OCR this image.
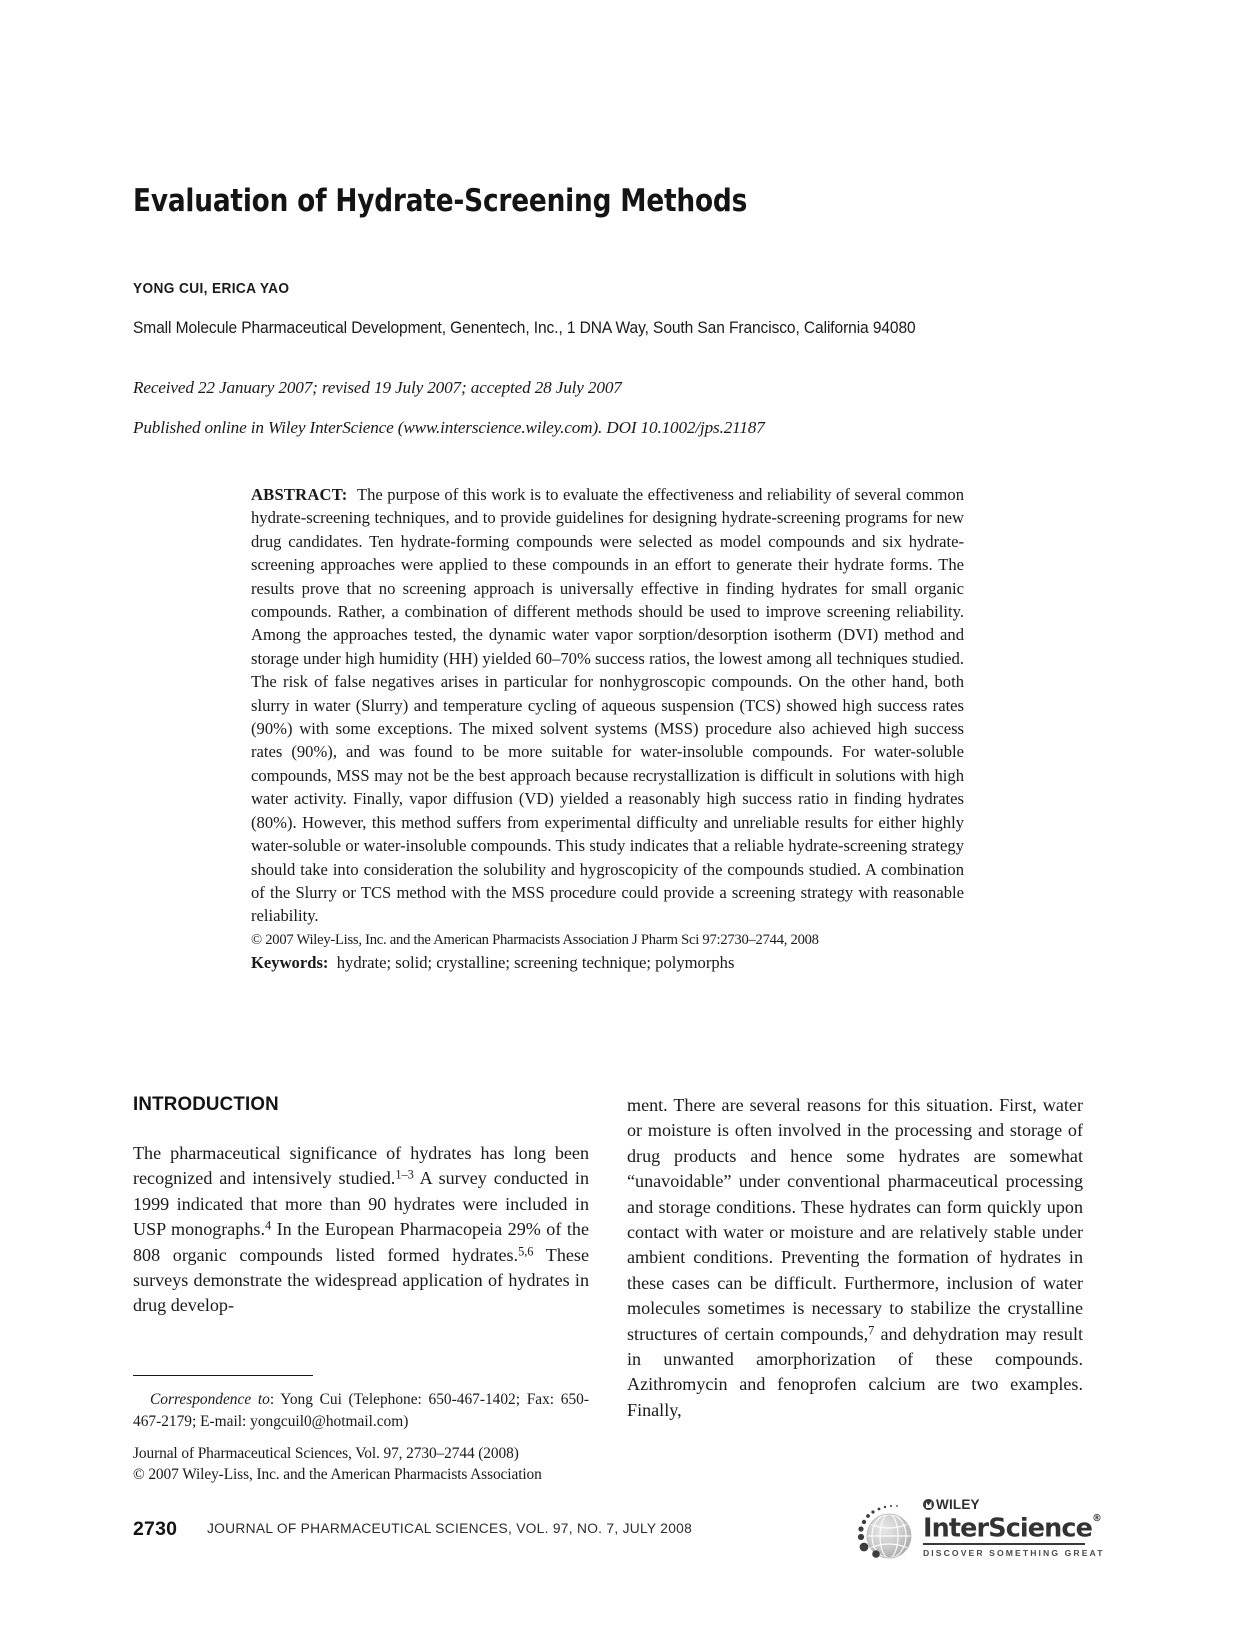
Evaluation of Hydrate-Screening Methods
YONG CUI, ERICA YAO
Small Molecule Pharmaceutical Development, Genentech, Inc., 1 DNA Way, South San Francisco, California 94080
Received 22 January 2007; revised 19 July 2007; accepted 28 July 2007
Published online in Wiley InterScience (www.interscience.wiley.com). DOI 10.1002/jps.21187

ABSTRACT: The purpose of this work is to evaluate the effectiveness and reliability of several common hydrate-screening techniques, and to provide guidelines for designing hydrate-screening programs for new drug candidates. Ten hydrate-forming compounds were selected as model compounds and six hydrate-screening approaches were applied to these compounds in an effort to generate their hydrate forms. The results prove that no screening approach is universally effective in finding hydrates for small organic compounds. Rather, a combination of different methods should be used to improve screening reliability. Among the approaches tested, the dynamic water vapor sorption/desorption isotherm (DVI) method and storage under high humidity (HH) yielded 60–70% success ratios, the lowest among all techniques studied. The risk of false negatives arises in particular for nonhygroscopic compounds. On the other hand, both slurry in water (Slurry) and temperature cycling of aqueous suspension (TCS) showed high success rates (90%) with some exceptions. The mixed solvent systems (MSS) procedure also achieved high success rates (90%), and was found to be more suitable for water-insoluble compounds. For water-soluble compounds, MSS may not be the best approach because recrystallization is difficult in solutions with high water activity. Finally, vapor diffusion (VD) yielded a reasonably high success ratio in finding hydrates (80%). However, this method suffers from experimental difficulty and unreliable results for either highly water-soluble or water-insoluble compounds. This study indicates that a reliable hydrate-screening strategy should take into consideration the solubility and hygroscopicity of the compounds studied. A combination of the Slurry or TCS method with the MSS procedure could provide a screening strategy with reasonable reliability.

© 2007 Wiley-Liss, Inc. and the American Pharmacists Association J Pharm Sci 97:2730–2744, 2008
Keywords: hydrate; solid; crystalline; screening technique; polymorphs
INTRODUCTION

The pharmaceutical significance of hydrates has long been recognized and intensively studied.$^{1-3}$ A survey conducted in 1999 indicated that more than 90 hydrates were included in USP monographs.$^4$ In the European Pharmacopeia 29% of the 808 organic compounds listed formed hydrates.$^{5,6}$ These surveys demonstrate the widespread application of hydrates in drug develop-

ment. There are several reasons for this situation. First, water or moisture is often involved in the processing and storage of drug products and hence some hydrates are somewhat “unavoidable” under conventional pharmaceutical processing and storage conditions. These hydrates can form quickly upon contact with water or moisture and are relatively stable under ambient conditions. Preventing the formation of hydrates in these cases can be difficult. Furthermore, inclusion of water molecules sometimes is necessary to stabilize the crystalline structures of certain compounds,$^7$ and dehydration may result in unwanted amorphorization of these compounds. Azithromycin and fenoprofen calcium are two examples. Finally,

Correspondence to: Yong Cui (Telephone: 650-467-1402; Fax: 650-467-2179; E-mail: yongcuil0@hotmail.com)

Journal of Pharmaceutical Sciences, Vol. 97, 2730–2744 (2008)
© 2007 Wiley-Liss, Inc. and the American Pharmacists Association
2730 JOURNAL OF PHARMACEUTICAL SCIENCES, VOL. 97, NO. 7, JULY 2008
WILEY
InterScience®
DISCOVER SOMETHING GREAT
